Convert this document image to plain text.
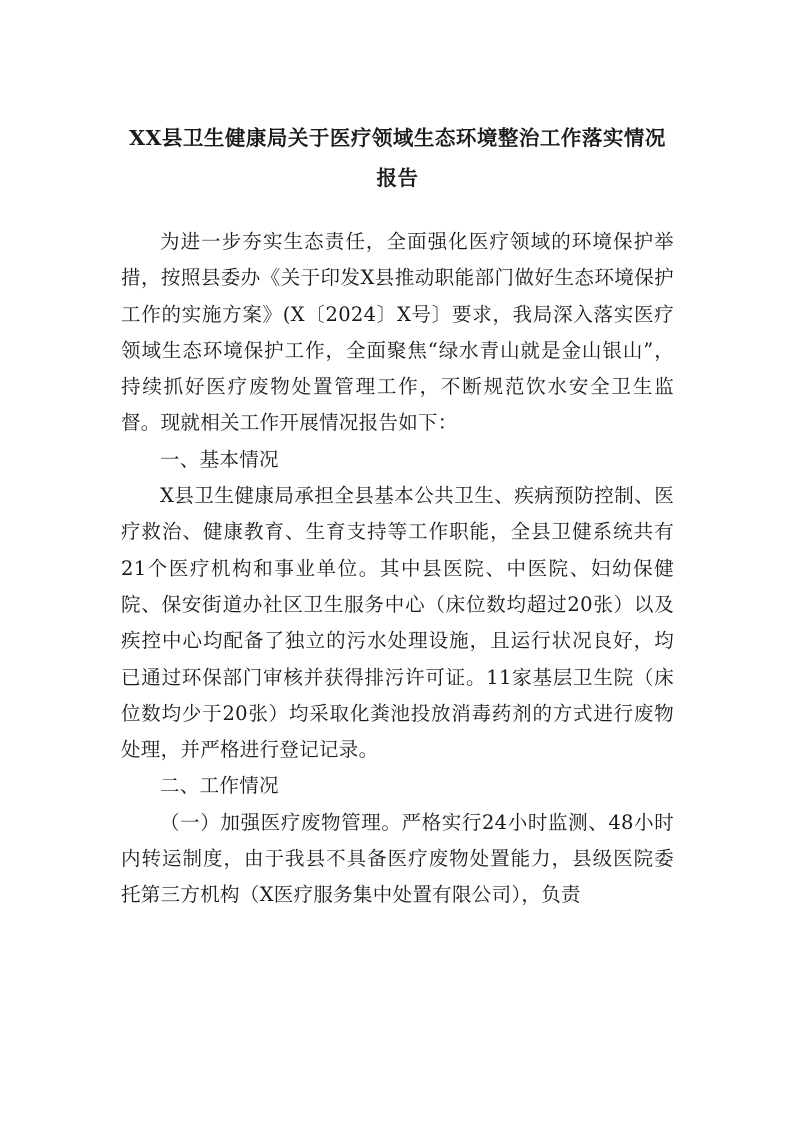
XX县卫生健康局关于医疗领域生态环境整治工作落实情况
报告

为进一步夯实生态责任，全面强化医疗领域的环境保护举措，按照县委办《关于印发X县推动职能部门做好生态环境保护工作的实施方案》(X〔2024〕X号〕要求，我局深入落实医疗领域生态环境保护工作，全面聚焦“绿水青山就是金山银山”，持续抓好医疗废物处置管理工作，不断规范饮水安全卫生监督。现就相关工作开展情况报告如下：

一、基本情况

X县卫生健康局承担全县基本公共卫生、疾病预防控制、医疗救治、健康教育、生育支持等工作职能，全县卫健系统共有21个医疗机构和事业单位。其中县医院、中医院、妇幼保健院、保安街道办社区卫生服务中心（床位数均超过20张）以及疾控中心均配备了独立的污水处理设施，且运行状况良好，均已通过环保部门审核并获得排污许可证。11家基层卫生院（床位数均少于20张）均采取化粪池投放消毒药剂的方式进行废物处理，并严格进行登记记录。

二、工作情况

（一）加强医疗废物管理。严格实行24小时监测、48小时内转运制度，由于我县不具备医疗废物处置能力，县级医院委托第三方机构（X医疗服务集中处置有限公司），负责
